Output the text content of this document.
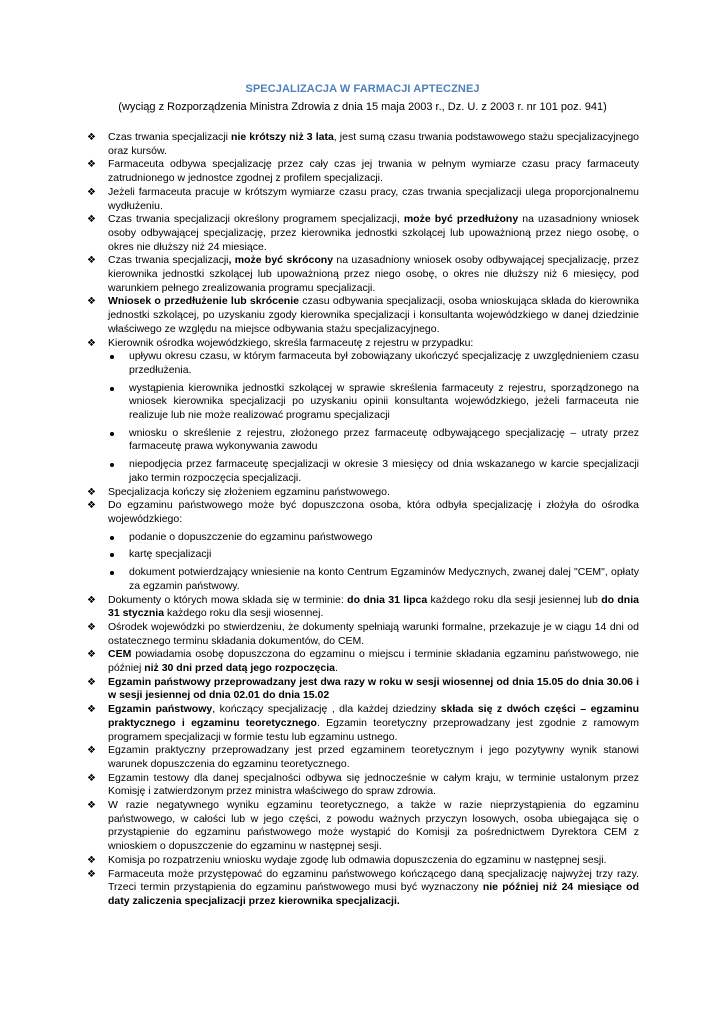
SPECJALIZACJA W FARMACJI APTECZNEJ
(wyciąg z Rozporządzenia Ministra Zdrowia z dnia 15 maja 2003 r., Dz. U. z 2003 r. nr 101 poz. 941)
❖	Czas trwania specjalizacji nie krótszy niż 3 lata, jest sumą czasu trwania podstawowego stażu specjalizacyjnego oraz kursów.
❖	Farmaceuta odbywa specjalizację przez cały czas jej trwania w pełnym wymiarze czasu pracy farmaceuty zatrudnionego w jednostce zgodnej z profilem specjalizacji.
❖	Jeżeli farmaceuta pracuje w krótszym wymiarze czasu pracy, czas trwania specjalizacji ulega proporcjonalnemu wydłużeniu.
❖	Czas trwania specjalizacji określony programem specjalizacji, może być przedłużony na uzasadniony wniosek osoby odbywającej specjalizację, przez kierownika jednostki szkolącej lub upoważnioną przez niego osobę, o okres nie dłuższy niż 24 miesiące.
❖	Czas trwania specjalizacji, może być skrócony na uzasadniony wniosek osoby odbywającej specjalizację, przez kierownika jednostki szkolącej lub upoważnioną przez niego osobę, o okres nie dłuższy niż 6 miesięcy, pod warunkiem pełnego zrealizowania programu specjalizacji.
❖	Wniosek o przedłużenie lub skrócenie czasu odbywania specjalizacji, osoba wnioskująca składa do kierownika jednostki szkolącej, po uzyskaniu zgody kierownika specjalizacji i konsultanta wojewódzkiego w danej dziedzinie właściwego ze względu na miejsce odbywania stażu specjalizacyjnego.
❖	Kierownik ośrodka wojewódzkiego, skreśla farmaceutę z rejestru w przypadku:
upływu okresu czasu, w którym farmaceuta był zobowiązany ukończyć specjalizację z uwzględnieniem czasu przedłużenia.
wystąpienia kierownika jednostki szkolącej w sprawie skreślenia farmaceuty z rejestru, sporządzonego na wniosek kierownika specjalizacji po uzyskaniu opinii konsultanta wojewódzkiego, jeżeli farmaceuta nie realizuje lub nie może realizować programu specjalizacji
wniosku o skreślenie z rejestru, złożonego przez farmaceutę odbywającego specjalizację – utraty przez farmaceutę prawa wykonywania zawodu
niepodjęcia przez farmaceutę specjalizacji w okresie 3 miesięcy od dnia wskazanego w karcie specjalizacji jako termin rozpoczęcia specjalizacji.
❖	Specjalizacja kończy się złożeniem egzaminu państwowego.
❖	Do egzaminu państwowego może być dopuszczona osoba, która odbyła specjalizację i złożyła do ośrodka wojewódzkiego:
podanie o dopuszczenie do egzaminu państwowego
kartę specjalizacji
dokument potwierdzający wniesienie na konto Centrum Egzaminów Medycznych, zwanej dalej "CEM", opłaty za egzamin państwowy.
❖	Dokumenty o których mowa składa się w terminie: do dnia 31 lipca każdego roku dla sesji jesiennej lub do dnia 31 stycznia każdego roku dla sesji wiosennej.
❖	Ośrodek wojewódzki po stwierdzeniu, że dokumenty spełniają warunki formalne, przekazuje je w ciągu 14 dni od ostatecznego terminu składania dokumentów, do CEM.
❖	CEM powiadamia osobę dopuszczona do egzaminu o miejscu i terminie składania egzaminu państwowego, nie później niż 30 dni przed datą jego rozpoczęcia.
❖	Egzamin państwowy przeprowadzany jest dwa razy w roku w sesji wiosennej od dnia 15.05 do dnia 30.06 i w sesji jesiennej od dnia 02.01 do dnia 15.02
❖	Egzamin państwowy, kończący specjalizację , dla każdej dziedziny składa się z dwóch części – egzaminu praktycznego i egzaminu teoretycznego. Egzamin teoretyczny przeprowadzany jest zgodnie z ramowym programem specjalizacji w formie testu lub egzaminu ustnego.
❖	Egzamin praktyczny przeprowadzany jest przed egzaminem teoretycznym i jego pozytywny wynik stanowi warunek dopuszczenia do egzaminu teoretycznego.
❖	Egzamin testowy dla danej specjalności odbywa się jednocześnie w całym kraju, w terminie ustalonym przez Komisję i zatwierdzonym przez ministra właściwego do spraw zdrowia.
❖	W razie negatywnego wyniku egzaminu teoretycznego, a także w razie nieprzystąpienia do egzaminu państwowego, w całości lub w jego części, z powodu ważnych przyczyn losowych, osoba ubiegająca się o przystąpienie do egzaminu państwowego może wystąpić do Komisji za pośrednictwem Dyrektora CEM z wnioskiem o dopuszczenie do egzaminu w następnej sesji.
❖	Komisja po rozpatrzeniu wniosku wydaje zgodę lub odmawia dopuszczenia do egzaminu w następnej sesji.
❖	Farmaceuta może przystępować do egzaminu państwowego kończącego daną specjalizację najwyżej trzy razy. Trzeci termin przystąpienia do egzaminu państwowego musi być wyznaczony nie później niż 24 miesiące od daty zaliczenia specjalizacji przez kierownika specjalizacji.
